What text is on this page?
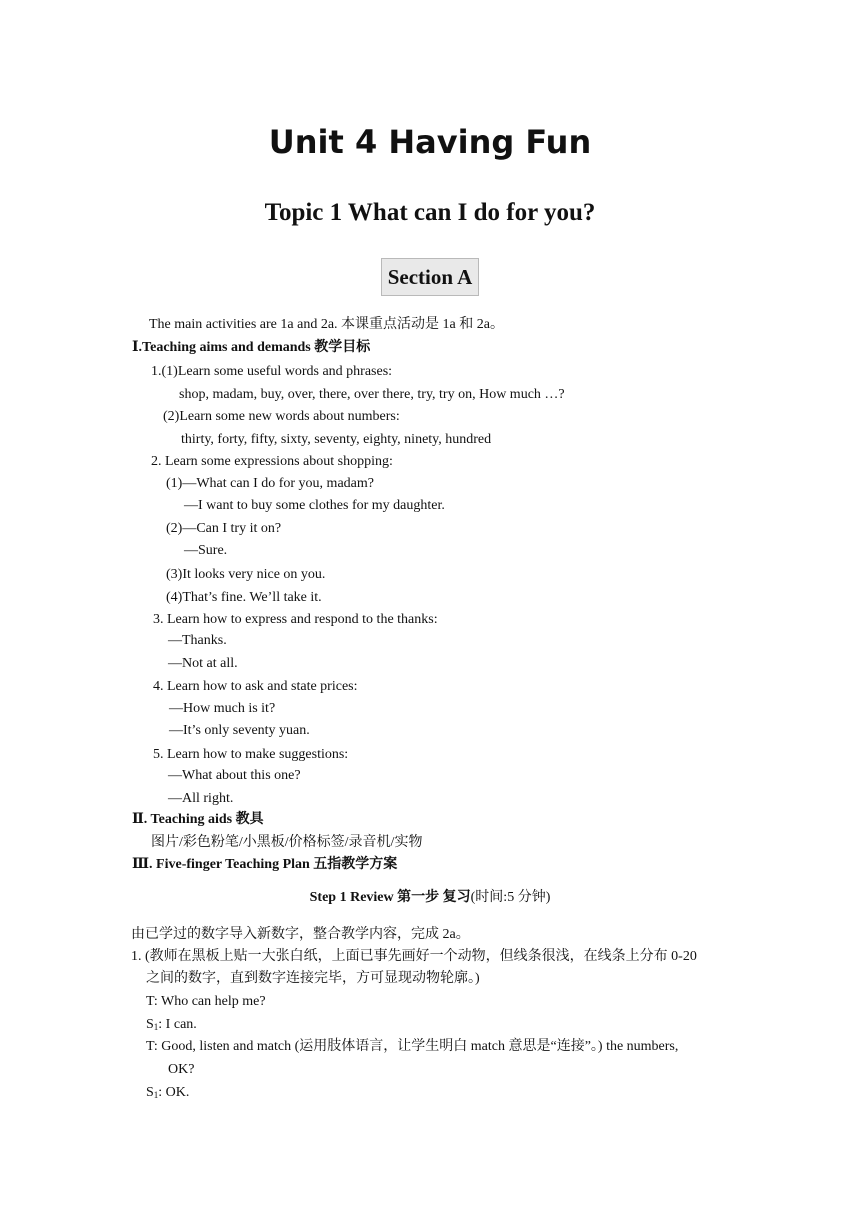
Unit 4 Having Fun
Topic 1 What can I do for you?
Section A
The main activities are 1a and 2a. 本课重点活动是 1a 和 2a。
Ⅰ.Teaching aims and demands 教学目标
1.(1)Learn some useful words and phrases:
shop, madam, buy, over, there, over there, try, try on, How much …?
(2)Learn some new words about numbers:
thirty, forty, fifty, sixty, seventy, eighty, ninety, hundred
2. Learn some expressions about shopping:
(1)—What can I do for you, madam?
—I want to buy some clothes for my daughter.
(2)—Can I try it on?
—Sure.
(3)It looks very nice on you.
(4)That’s fine. We’ll take it.
3. Learn how to express and respond to the thanks:
—Thanks.
—Not at all.
4. Learn how to ask and state prices:
—How much is it?
—It’s only seventy yuan.
5. Learn how to make suggestions:
—What about this one?
—All right.
Ⅱ. Teaching aids 教具
图片/彩色粉笔/小黑板/价格标签/录音机/实物
Ⅲ. Five-finger Teaching Plan 五指教学方案
Step 1 Review 第一步 复习(时间:5 分钟)
由已学过的数字导入新数字，整合教学内容，完成 2a。
1. (教师在黑板上贴一大张白纸，上面已事先画好一个动物，但线条很浅，在线条上分布 0-20
之间的数字，直到数字连接完毕，方可显现动物轮廓。)
T: Who can help me?
$S_1$: I can.
T: Good, listen and match (运用肢体语言，让学生明白 match 意思是“连接”。) the numbers,
OK?
$S_1$: OK.
